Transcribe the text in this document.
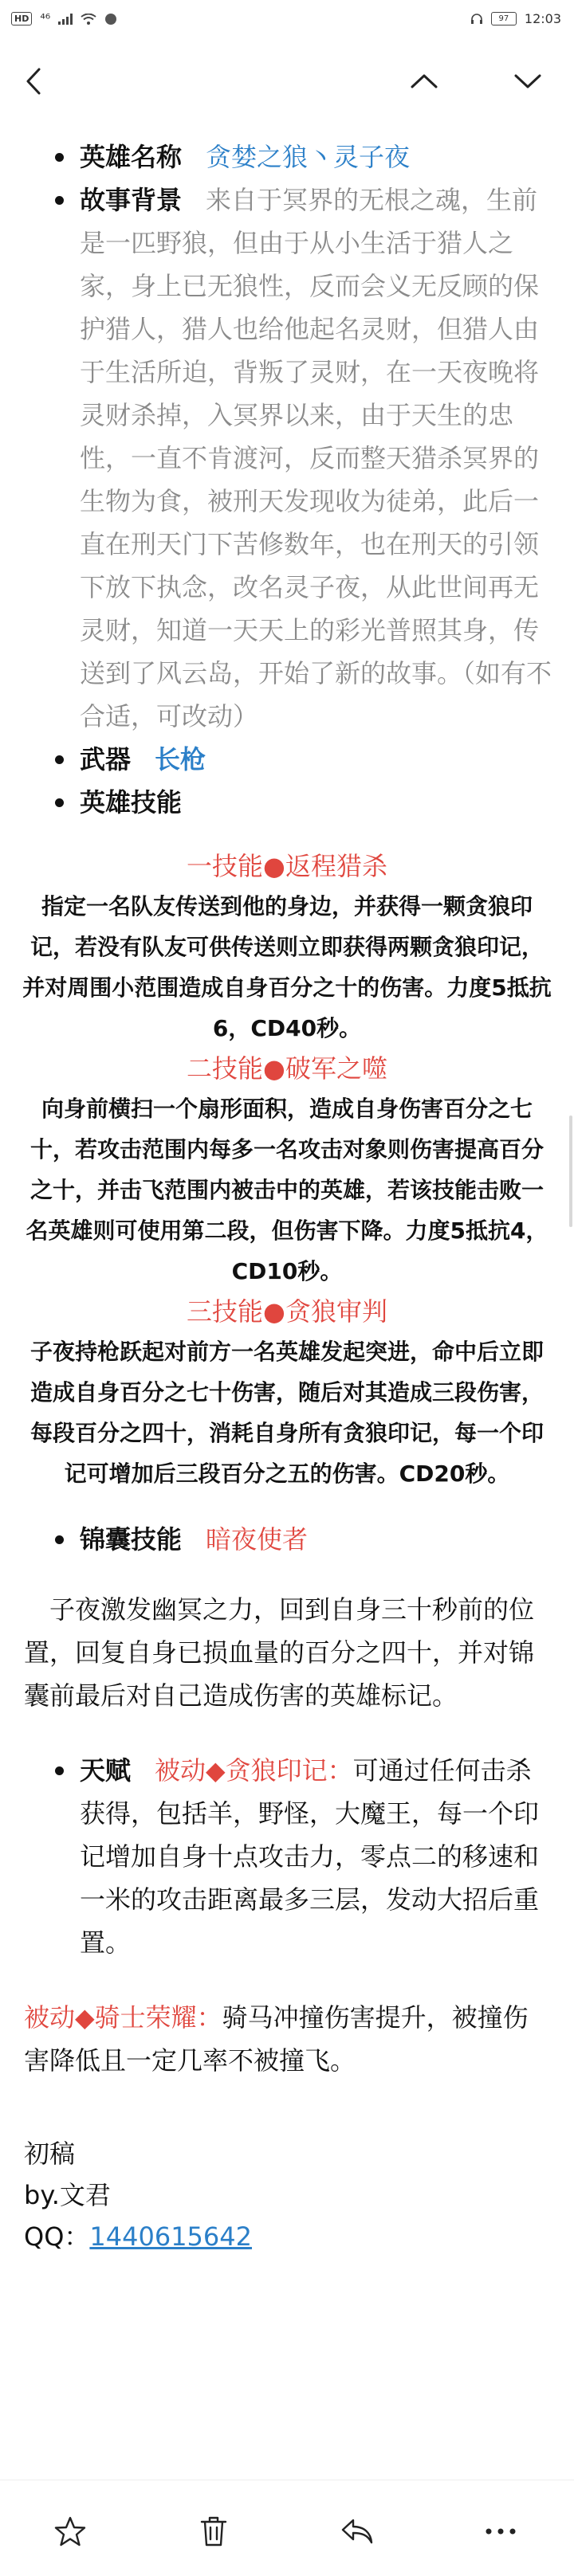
HD ⁴⁶	97	12:03
英雄名称 贪婪之狼丶灵子夜
故事背景 来自于冥界的无根之魂，生前是一匹野狼，但由于从小生活于猎人之家，身上已无狼性，反而会义无反顾的保护猎人，猎人也给他起名灵财，但猎人由于生活所迫，背叛了灵财，在一天夜晚将灵财杀掉，入冥界以来，由于天生的忠性，一直不肯渡河，反而整天猎杀冥界的生物为食，被刑天发现收为徒弟，此后一直在刑天门下苦修数年，也在刑天的引领下放下执念，改名灵子夜，从此世间再无灵财，知道一天天上的彩光普照其身，传送到了风云岛，开始了新的故事。（如有不合适，可改动）
武器 长枪
英雄技能
一技能●返程猎杀
指定一名队友传送到他的身边，并获得一颗贪狼印记，若没有队友可供传送则立即获得两颗贪狼印记，并对周围小范围造成自身百分之十的伤害。力度5抵抗6，CD40秒。
二技能●破军之噬
向身前横扫一个扇形面积，造成自身伤害百分之七十，若攻击范围内每多一名攻击对象则伤害提高百分之十，并击飞范围内被击中的英雄，若该技能击败一名英雄则可使用第二段，但伤害下降。力度5抵抗4，CD10秒。
三技能●贪狼审判
子夜持枪跃起对前方一名英雄发起突进，命中后立即造成自身百分之七十伤害，随后对其造成三段伤害，每段百分之四十，消耗自身所有贪狼印记，每一个印记可增加后三段百分之五的伤害。CD20秒。
锦囊技能 暗夜使者
子夜激发幽冥之力，回到自身三十秒前的位置，回复自身已损血量的百分之四十，并对锦囊前最后对自己造成伤害的英雄标记。
天赋 被动◆贪狼印记：可通过任何击杀获得，包括羊，野怪，大魔王，每一个印记增加自身十点攻击力，零点二的移速和一米的攻击距离最多三层，发动大招后重置。
被动◆骑士荣耀：骑马冲撞伤害提升，被撞伤害降低且一定几率不被撞飞。
初稿
by.文君
QQ：1440615642
